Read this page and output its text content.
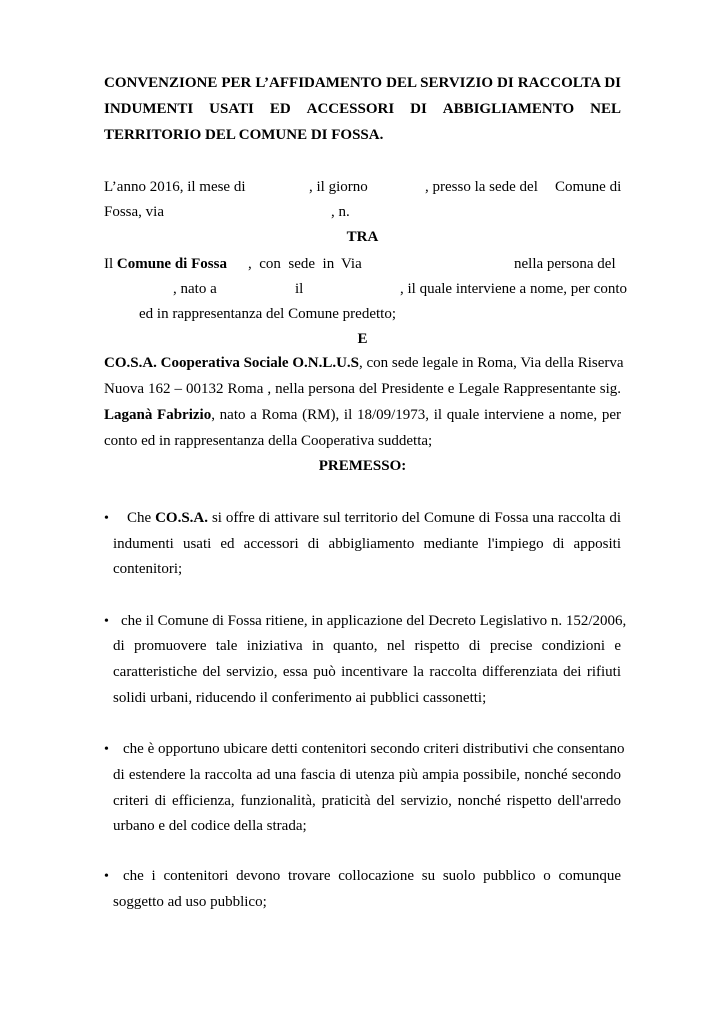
CONVENZIONE PER L’AFFIDAMENTO DEL SERVIZIO DI RACCOLTA DI
INDUMENTI USATI ED ACCESSORI DI ABBIGLIAMENTO NEL
TERRITORIO DEL COMUNE DI FOSSA.
L’anno 2016, il mese di	, il giorno	, presso la sede del Comune di
Fossa, via	, n.
TRA
Il Comune di Fossa ,  con  sede  in Via	nella persona del
, nato a	il	, il quale interviene a nome, per conto
ed in rappresentanza del Comune predetto;
E
CO.S.A. Cooperativa Sociale O.N.L.U.S, con sede legale in Roma, Via della Riserva
Nuova 162 – 00132 Roma , nella persona del Presidente e Legale Rappresentante sig.
Laganà Fabrizio, nato a Roma (RM), il 18/09/1973, il quale interviene a nome, per
conto ed in rappresentanza della Cooperativa suddetta;
PREMESSO:
• Che CO.S.A. si offre di attivare sul territorio del Comune di Fossa una raccolta di
indumenti usati ed accessori di abbigliamento mediante l'impiego di appositi
contenitori;
• che il Comune di Fossa ritiene, in applicazione del Decreto Legislativo n. 152/2006,
di promuovere tale iniziativa in quanto, nel rispetto di precise condizioni e
caratteristiche del servizio, essa può incentivare la raccolta differenziata dei rifiuti
solidi urbani, riducendo il conferimento ai pubblici cassonetti;
• che è opportuno ubicare detti contenitori secondo criteri distributivi che consentano
di estendere la raccolta ad una fascia di utenza più ampia possibile, nonché secondo
criteri di efficienza, funzionalità, praticità del servizio, nonché rispetto dell'arredo
urbano e del codice della strada;
• che i contenitori devono trovare collocazione su suolo pubblico o comunque
soggetto ad uso pubblico;
